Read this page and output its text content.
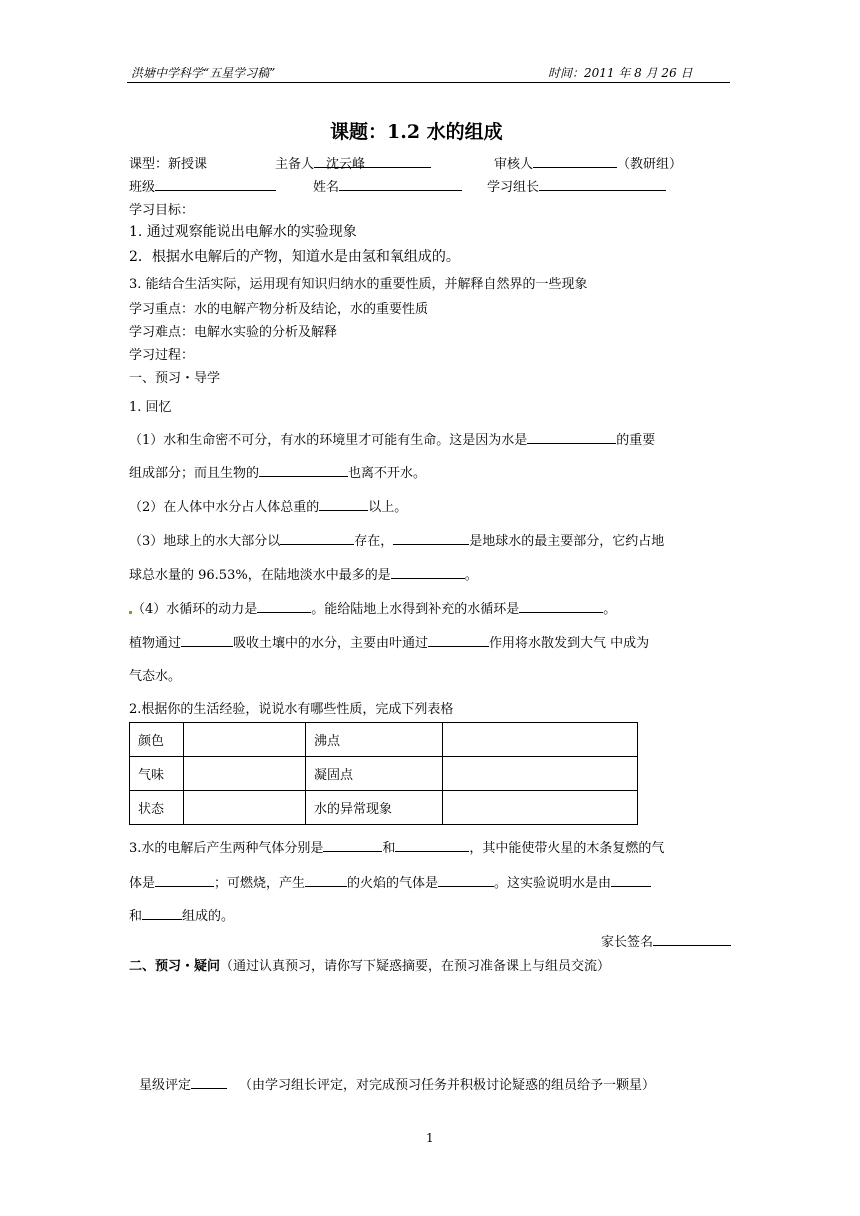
洪塘中学科学“五星学习稿”	时间：2011 年 8 月 26 日
课题：1.2 水的组成
课型：新授课	主备人 沈云峰	审核人	（教研组）
班级	姓名	学习组长
学习目标：
1. 通过观察能说出电解水的实验现象
2．根据水电解后的产物，知道水是由氢和氧组成的。
3. 能结合生活实际，运用现有知识归纳水的重要性质，并解释自然界的一些现象
学习重点：水的电解产物分析及结论，水的重要性质
学习难点：电解水实验的分析及解释
学习过程：
一、预习・导学
1. 回忆
（1）水和生命密不可分，有水的环境里才可能有生命。这是因为水是	的重要
组成部分；而且生物的	也离不开水。
（2）在人体中水分占人体总重的	以上。
（3）地球上的水大部分以	存在，	是地球水的最主要部分，它约占地
球总水量的 96.53%，在陆地淡水中最多的是	。
（4）水循环的动力是	。能给陆地上水得到补充的水循环是	。
植物通过	吸收土壤中的水分，主要由叶通过	作用将水散发到大气 中成为
气态水。
2.根据你的生活经验，说说水有哪些性质，完成下列表格
颜色		沸点	
气味		凝固点	
状态		水的异常现象	
3.水的电解后产生两种气体分别是	和	，其中能使带火星的木条复燃的气
体是	；可燃烧，产生	的火焰的气体是	。这实验说明水是由
和	组成的。
家长签名
二、预习・疑问（通过认真预习，请你写下疑惑摘要，在预习准备课上与组员交流）
星级评定	（由学习组长评定，对完成预习任务并积极讨论疑惑的组员给予一颗星）
1
